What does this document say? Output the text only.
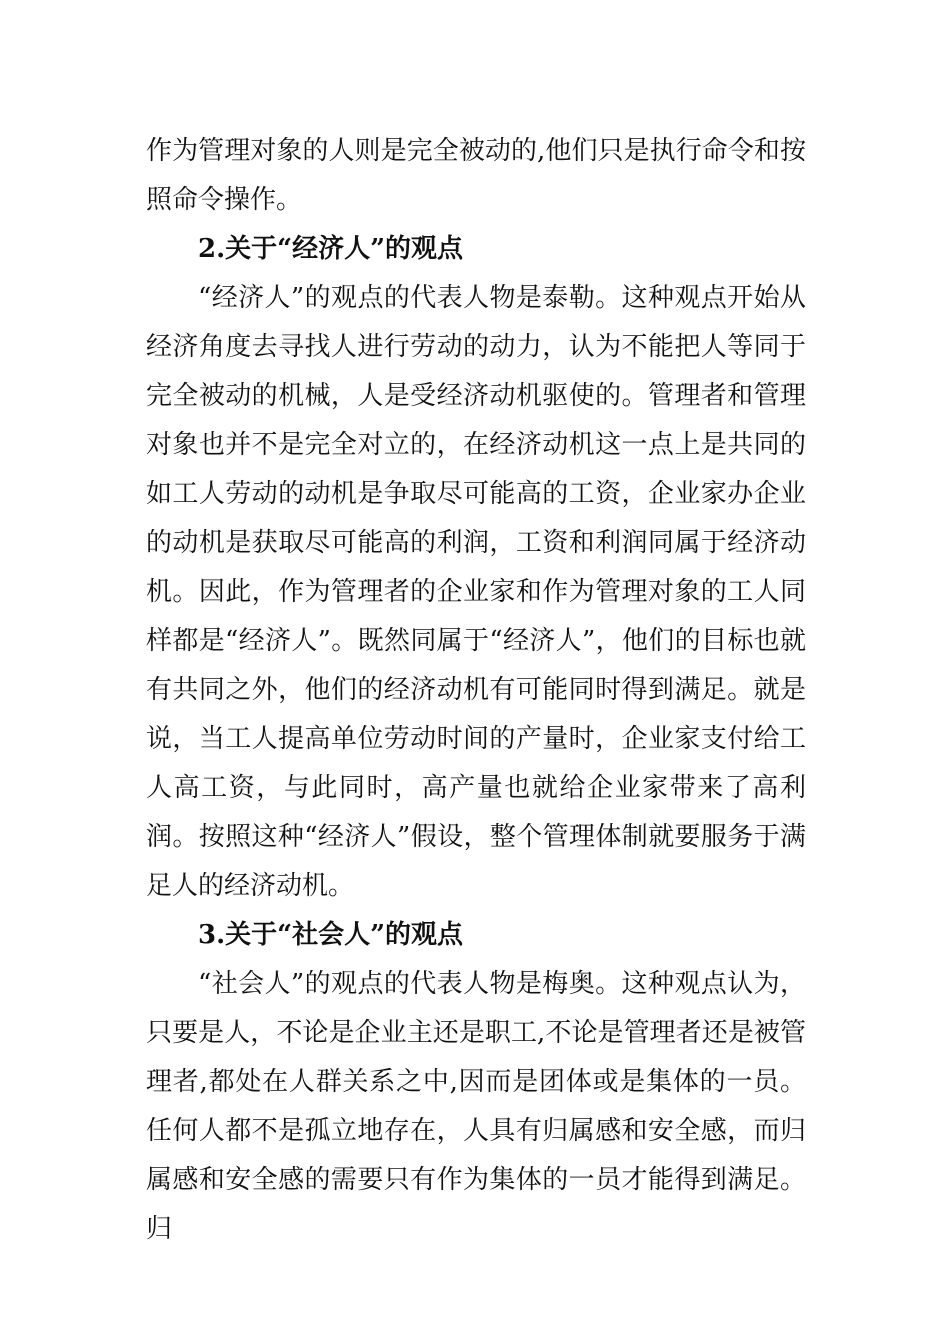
作为管理对象的人则是完全被动的,他们只是执行命令和按照命令操作。

2.关于“经济人”的观点

“经济人”的观点的代表人物是泰勒。这种观点开始从经济角度去寻找人进行劳动的动力，认为不能把人等同于完全被动的机械，人是受经济动机驱使的。管理者和管理对象也并不是完全对立的，在经济动机这一点上是共同的如工人劳动的动机是争取尽可能高的工资，企业家办企业的动机是获取尽可能高的利润，工资和利润同属于经济动机。因此，作为管理者的企业家和作为管理对象的工人同样都是“经济人”。既然同属于“经济人”，他们的目标也就有共同之外，他们的经济动机有可能同时得到满足。就是说，当工人提高单位劳动时间的产量时，企业家支付给工人高工资，与此同时，高产量也就给企业家带来了高利润。按照这种“经济人”假设，整个管理体制就要服务于满足人的经济动机。

3.关于“社会人”的观点

“社会人”的观点的代表人物是梅奥。这种观点认为，只要是人，不论是企业主还是职工,不论是管理者还是被管理者,都处在人群关系之中,因而是团体或是集体的一员。任何人都不是孤立地存在，人具有归属感和安全感，而归属感和安全感的需要只有作为集体的一员才能得到满足。归
